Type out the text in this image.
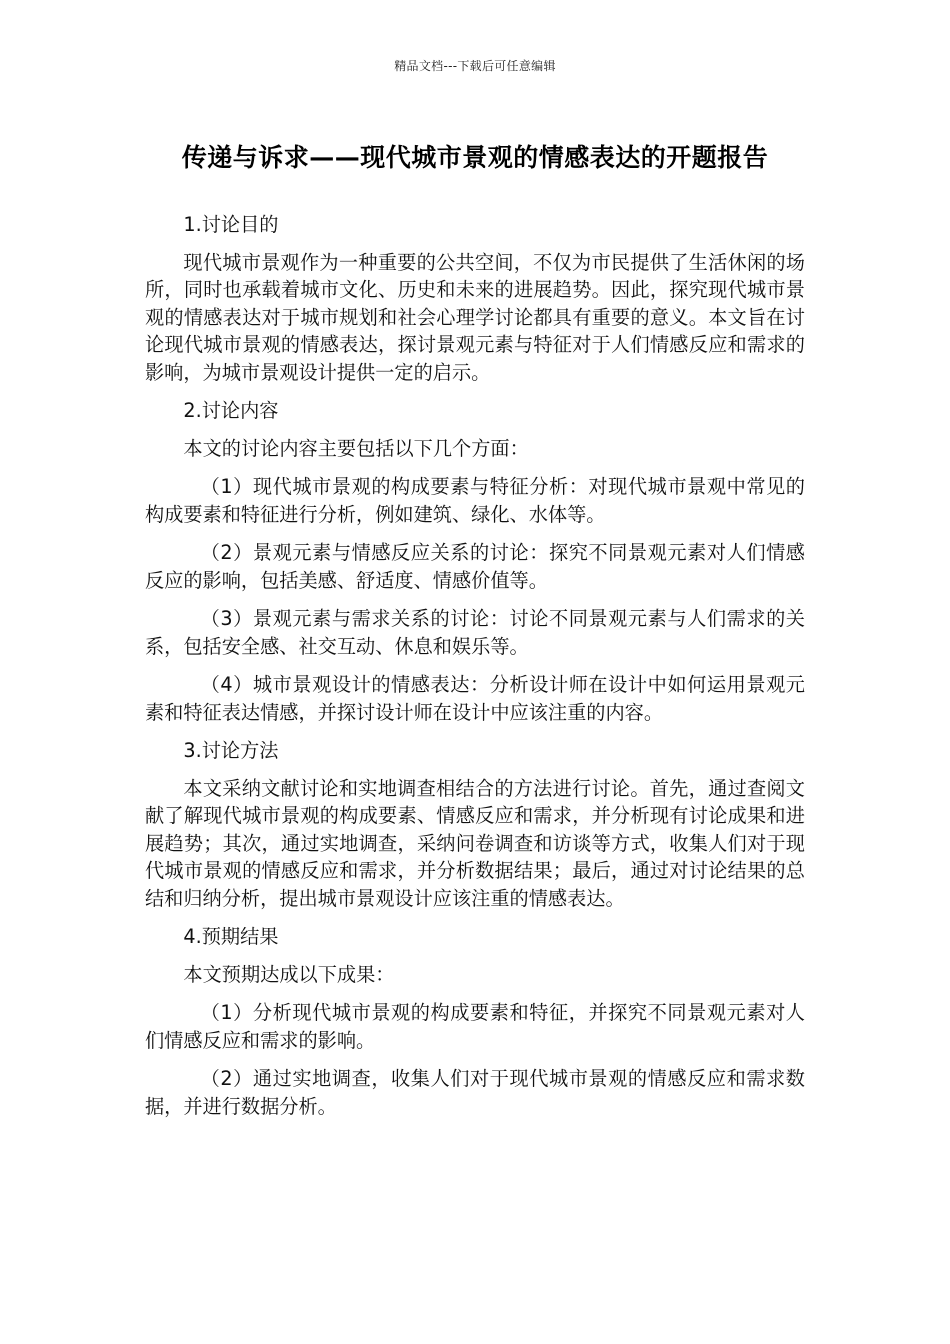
精品文档---下载后可任意编辑
传递与诉求——现代城市景观的情感表达的开题报告

1.讨论目的

现代城市景观作为一种重要的公共空间，不仅为市民提供了生活休闲的场所，同时也承载着城市文化、历史和未来的进展趋势。因此，探究现代城市景观的情感表达对于城市规划和社会心理学讨论都具有重要的意义。本文旨在讨论现代城市景观的情感表达，探讨景观元素与特征对于人们情感反应和需求的影响，为城市景观设计提供一定的启示。

2.讨论内容

本文的讨论内容主要包括以下几个方面：

（1）现代城市景观的构成要素与特征分析：对现代城市景观中常见的构成要素和特征进行分析，例如建筑、绿化、水体等。

（2）景观元素与情感反应关系的讨论：探究不同景观元素对人们情感反应的影响，包括美感、舒适度、情感价值等。

（3）景观元素与需求关系的讨论：讨论不同景观元素与人们需求的关系，包括安全感、社交互动、休息和娱乐等。

（4）城市景观设计的情感表达：分析设计师在设计中如何运用景观元素和特征表达情感，并探讨设计师在设计中应该注重的内容。

3.讨论方法

本文采纳文献讨论和实地调查相结合的方法进行讨论。首先，通过查阅文献了解现代城市景观的构成要素、情感反应和需求，并分析现有讨论成果和进展趋势；其次，通过实地调查，采纳问卷调查和访谈等方式，收集人们对于现代城市景观的情感反应和需求，并分析数据结果；最后，通过对讨论结果的总结和归纳分析，提出城市景观设计应该注重的情感表达。

4.预期结果

本文预期达成以下成果：

（1）分析现代城市景观的构成要素和特征，并探究不同景观元素对人们情感反应和需求的影响。

（2）通过实地调查，收集人们对于现代城市景观的情感反应和需求数据，并进行数据分析。
